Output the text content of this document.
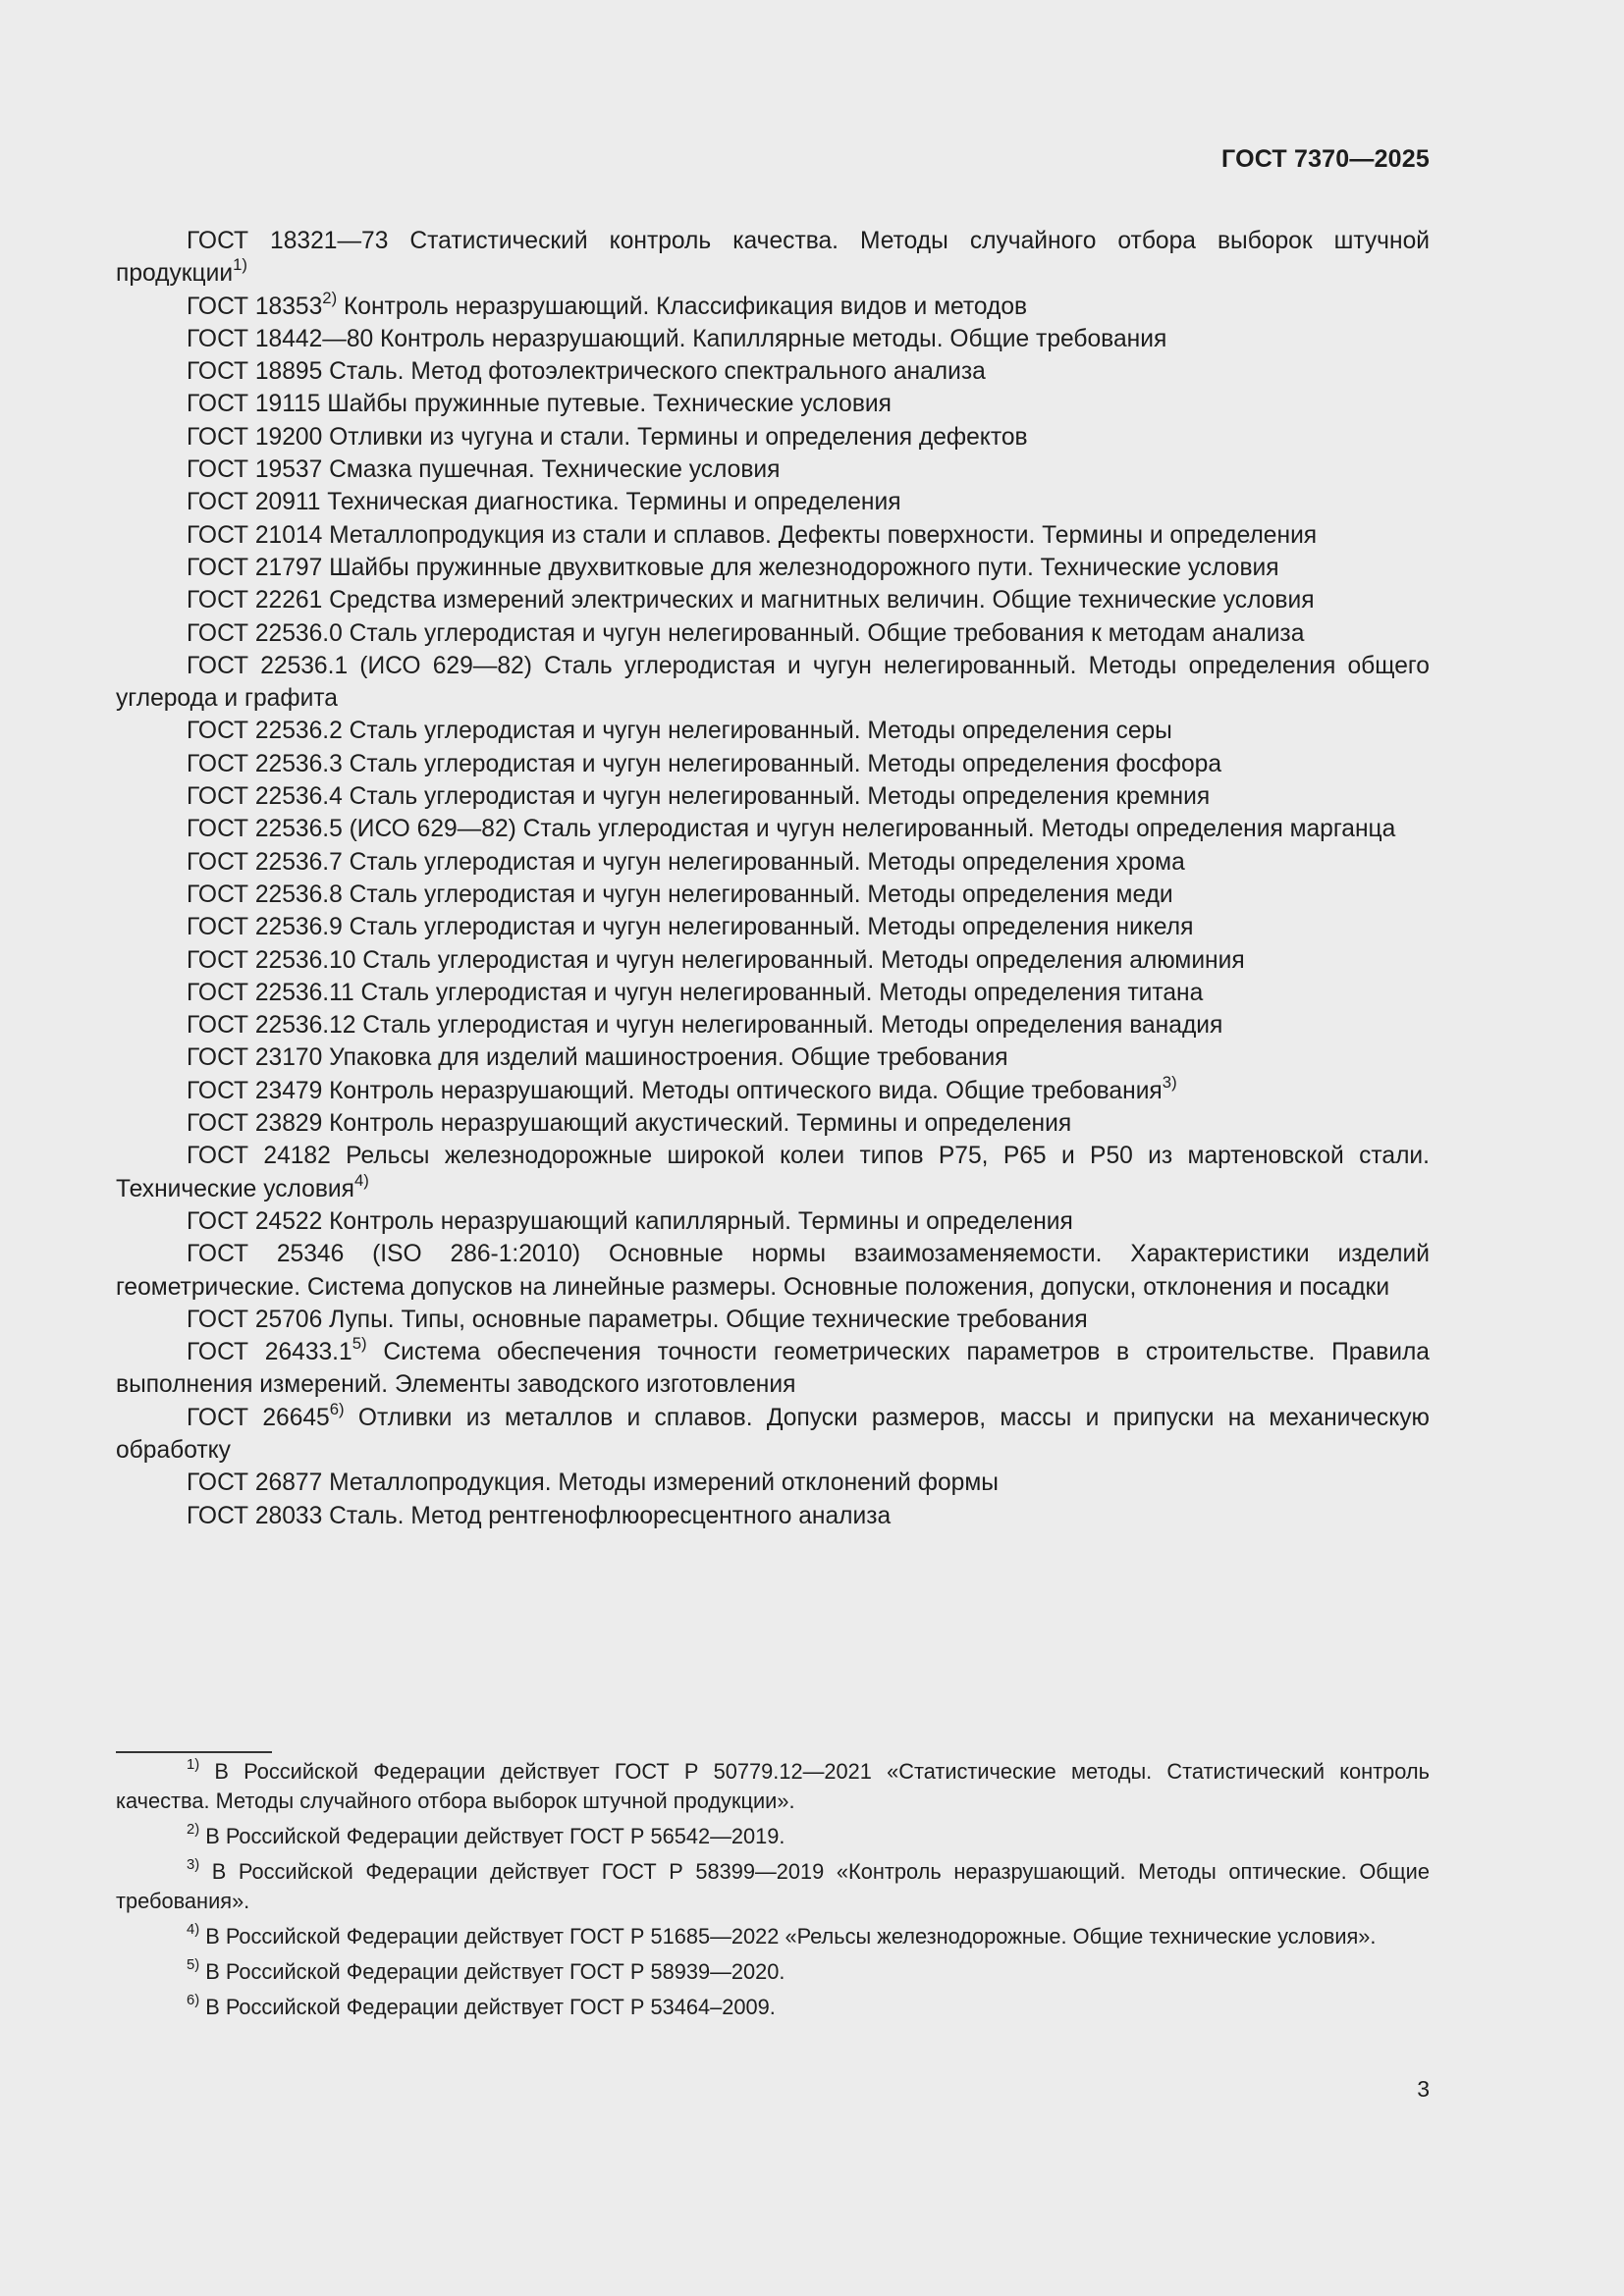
ГОСТ 7370—2025

ГОСТ 18321—73 Статистический контроль качества. Методы случайного отбора выборок штучной продукции$^{1)}$

ГОСТ 18353$^{2)}$ Контроль неразрушающий. Классификация видов и методов

ГОСТ 18442—80 Контроль неразрушающий. Капиллярные методы. Общие требования

ГОСТ 18895 Сталь. Метод фотоэлектрического спектрального анализа

ГОСТ 19115 Шайбы пружинные путевые. Технические условия

ГОСТ 19200 Отливки из чугуна и стали. Термины и определения дефектов

ГОСТ 19537 Смазка пушечная. Технические условия

ГОСТ 20911 Техническая диагностика. Термины и определения

ГОСТ 21014 Металлопродукция из стали и сплавов. Дефекты поверхности. Термины и определения

ГОСТ 21797 Шайбы пружинные двухвитковые для железнодорожного пути. Технические условия

ГОСТ 22261 Средства измерений электрических и магнитных величин. Общие технические условия

ГОСТ 22536.0 Сталь углеродистая и чугун нелегированный. Общие требования к методам анализа

ГОСТ 22536.1 (ИСО 629—82) Сталь углеродистая и чугун нелегированный. Методы определения общего углерода и графита

ГОСТ 22536.2 Сталь углеродистая и чугун нелегированный. Методы определения серы

ГОСТ 22536.3 Сталь углеродистая и чугун нелегированный. Методы определения фосфора

ГОСТ 22536.4 Сталь углеродистая и чугун нелегированный. Методы определения кремния

ГОСТ 22536.5 (ИСО 629—82) Сталь углеродистая и чугун нелегированный. Методы определения марганца

ГОСТ 22536.7 Сталь углеродистая и чугун нелегированный. Методы определения хрома

ГОСТ 22536.8 Сталь углеродистая и чугун нелегированный. Методы определения меди

ГОСТ 22536.9 Сталь углеродистая и чугун нелегированный. Методы определения никеля

ГОСТ 22536.10 Сталь углеродистая и чугун нелегированный. Методы определения алюминия

ГОСТ 22536.11 Сталь углеродистая и чугун нелегированный. Методы определения титана

ГОСТ 22536.12 Сталь углеродистая и чугун нелегированный. Методы определения ванадия

ГОСТ 23170 Упаковка для изделий машиностроения. Общие требования

ГОСТ 23479 Контроль неразрушающий. Методы оптического вида. Общие требования$^{3)}$

ГОСТ 23829 Контроль неразрушающий акустический. Термины и определения

ГОСТ 24182 Рельсы железнодорожные широкой колеи типов Р75, Р65 и Р50 из мартеновской стали. Технические условия$^{4)}$

ГОСТ 24522 Контроль неразрушающий капиллярный. Термины и определения

ГОСТ 25346 (ISO 286-1:2010) Основные нормы взаимозаменяемости. Характеристики изделий геометрические. Система допусков на линейные размеры. Основные положения, допуски, отклонения и посадки

ГОСТ 25706 Лупы. Типы, основные параметры. Общие технические требования

ГОСТ 26433.1$^{5)}$ Система обеспечения точности геометрических параметров в строительстве. Правила выполнения измерений. Элементы заводского изготовления

ГОСТ 26645$^{6)}$ Отливки из металлов и сплавов. Допуски размеров, массы и припуски на механическую обработку

ГОСТ 26877 Металлопродукция. Методы измерений отклонений формы

ГОСТ 28033 Сталь. Метод рентгенофлюоресцентного анализа

$^{1)}$ В Российской Федерации действует ГОСТ Р 50779.12—2021 «Статистические методы. Статистический контроль качества. Методы случайного отбора выборок штучной продукции».

$^{2)}$ В Российской Федерации действует ГОСТ Р 56542—2019.

$^{3)}$ В Российской Федерации действует ГОСТ Р 58399—2019 «Контроль неразрушающий. Методы оптические. Общие требования».

$^{4)}$ В Российской Федерации действует ГОСТ Р 51685—2022 «Рельсы железнодорожные. Общие технические условия».

$^{5)}$ В Российской Федерации действует ГОСТ Р 58939—2020.

$^{6)}$ В Российской Федерации действует ГОСТ Р 53464–2009.

3
